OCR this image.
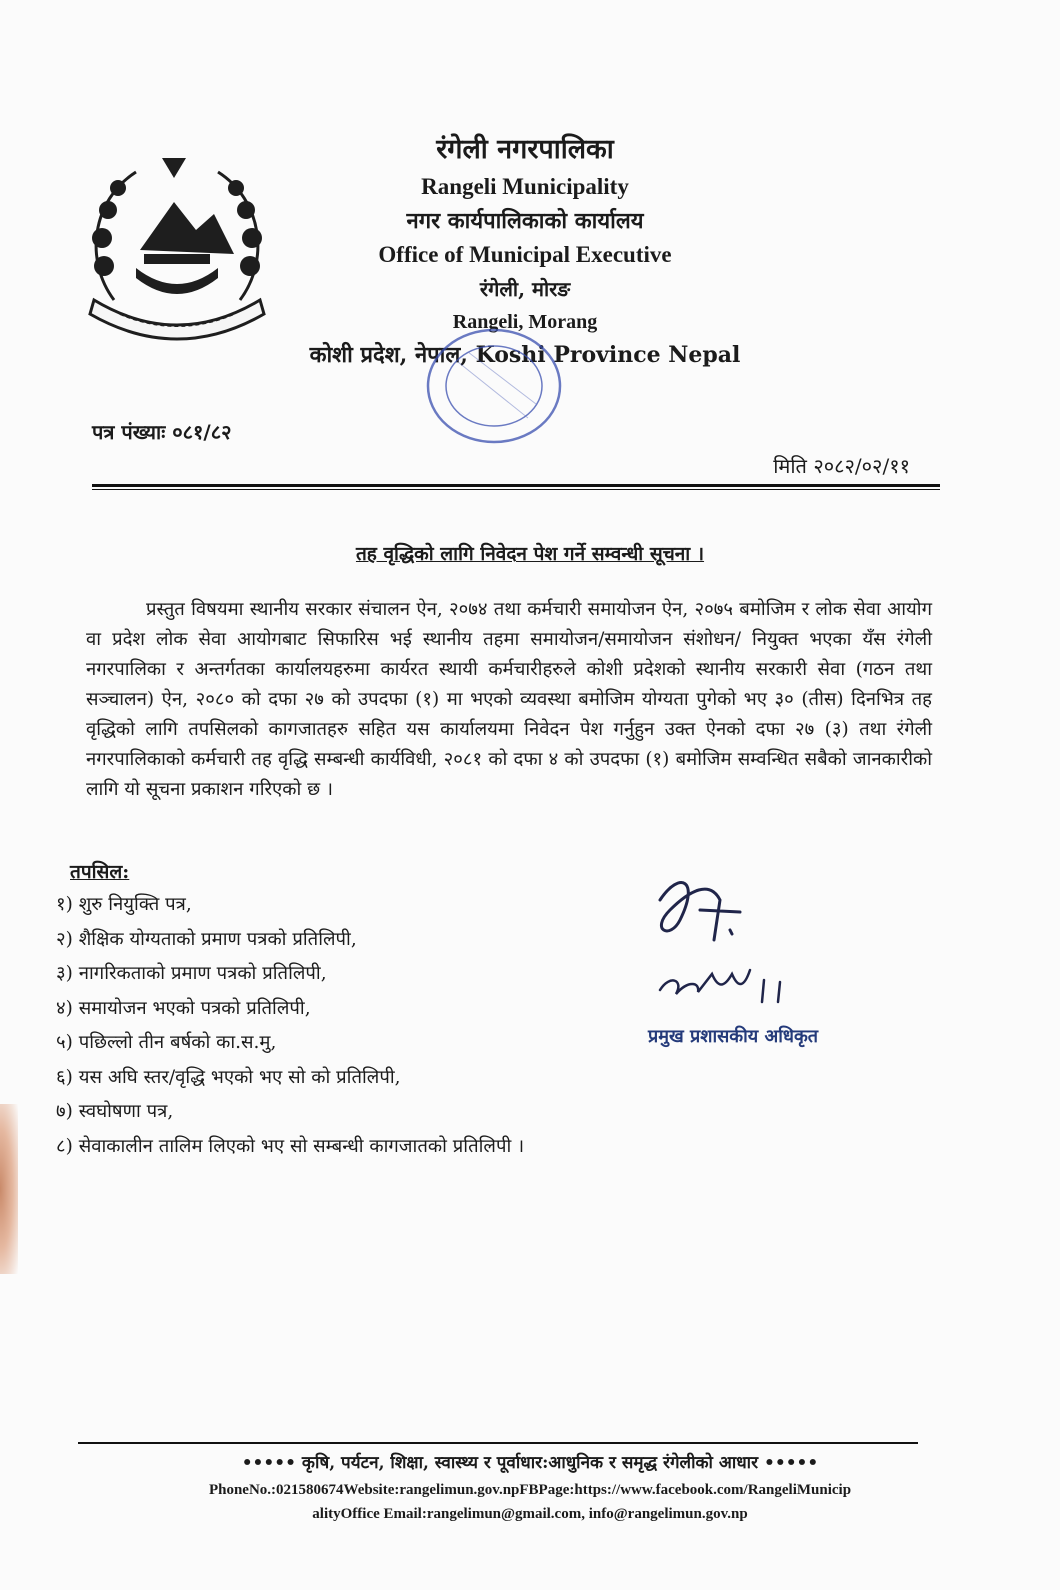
रंगेली नगरपालिका
Rangeli Municipality
नगर कार्यपालिकाको कार्यालय
Office of Municipal Executive
रंगेली, मोरङ
Rangeli, Morang
कोशी प्रदेश, नेपाल, Koshi Province Nepal
पत्र पंख्याः ०८१/८२
मिति २०८२/०२/११
तह वृद्धिको लागि निवेदन पेश गर्ने सम्वन्धी सूचना ।

प्रस्तुत विषयमा स्थानीय सरकार संचालन ऐन, २०७४ तथा कर्मचारी समायोजन ऐन, २०७५ बमोजिम र लोक सेवा आयोग वा प्रदेश लोक सेवा आयोगबाट सिफारिस भई स्थानीय तहमा समायोजन/समायोजन संशोधन/ नियुक्त भएका यँस रंगेली नगरपालिका र अन्तर्गतका कार्यालयहरुमा कार्यरत स्थायी कर्मचारीहरुले कोशी प्रदेशको स्थानीय सरकारी सेवा (गठन तथा सञ्चालन) ऐन, २०८० को दफा २७ को उपदफा (१) मा भएको व्यवस्था बमोजिम योग्यता पुगेको भए ३० (तीस) दिनभित्र तह वृद्धिको लागि तपसिलको कागजातहरु सहित यस कार्यालयमा निवेदन पेश गर्नुहुन उक्त ऐनको दफा २७ (३) तथा रंगेली नगरपालिकाको कर्मचारी तह वृद्धि सम्बन्धी कार्यविधी, २०८१ को दफा ४ को उपदफा (१) बमोजिम सम्वन्धित सबैको जानकारीको लागि यो सूचना प्रकाशन गरिएको छ ।

तपसिल:
१) शुरु नियुक्ति पत्र,
२) शैक्षिक योग्यताको प्रमाण पत्रको प्रतिलिपी,
३) नागरिकताको प्रमाण पत्रको प्रतिलिपी,
४) समायोजन भएको पत्रको प्रतिलिपी,
५) पछिल्लो तीन बर्षको का.स.मु,
६) यस अघि स्तर/वृद्धि भएको भए सो को प्रतिलिपी,
७) स्वघोषणा पत्र,
८) सेवाकालीन तालिम लिएको भए सो सम्बन्धी कागजातको प्रतिलिपी ।
प्रमुख प्रशासकीय अधिकृत
••••• कृषि, पर्यटन, शिक्षा, स्वास्थ्य र पूर्वाधार:आधुनिक र समृद्ध रंगेलीको आधार •••••
PhoneNo.:021580674Website:rangelimun.gov.npFBPage:https://www.facebook.com/RangeliMunicip
alityOffice Email:rangelimun@gmail.com, info@rangelimun.gov.np
